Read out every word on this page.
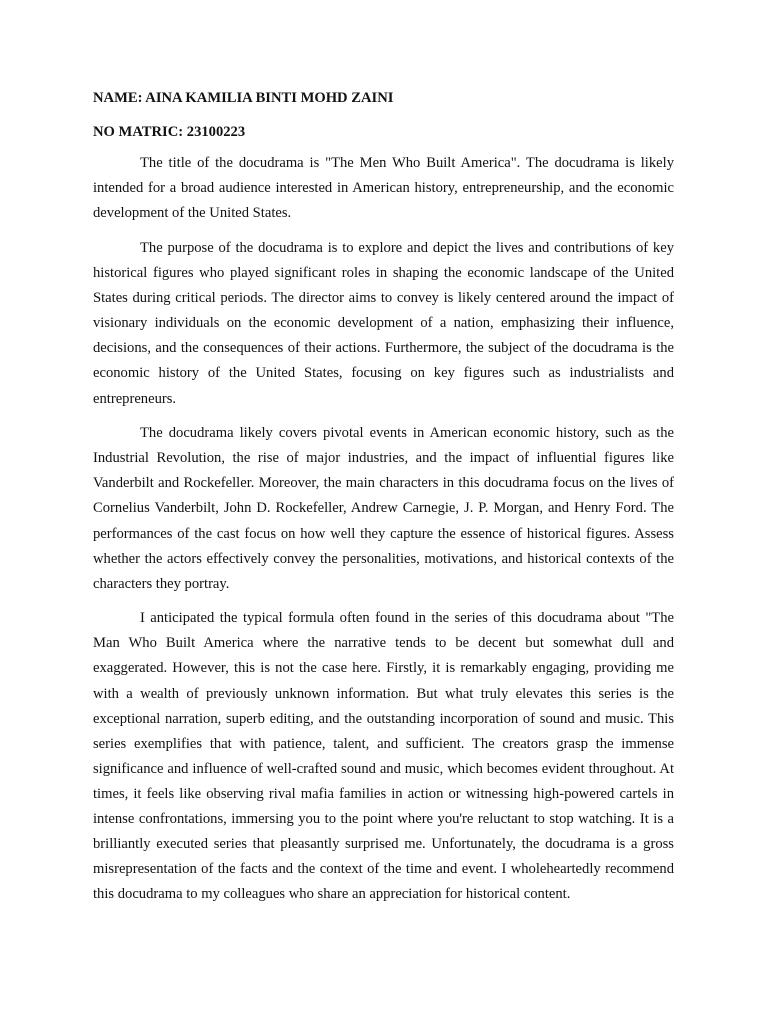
NAME: AINA KAMILIA BINTI MOHD ZAINI

NO MATRIC: 23100223

The title of the docudrama is "The Men Who Built America". The docudrama is likely intended for a broad audience interested in American history, entrepreneurship, and the economic development of the United States.

The purpose of the docudrama is to explore and depict the lives and contributions of key historical figures who played significant roles in shaping the economic landscape of the United States during critical periods. The director aims to convey is likely centered around the impact of visionary individuals on the economic development of a nation, emphasizing their influence, decisions, and the consequences of their actions. Furthermore, the subject of the docudrama is the economic history of the United States, focusing on key figures such as industrialists and entrepreneurs.

The docudrama likely covers pivotal events in American economic history, such as the Industrial Revolution, the rise of major industries, and the impact of influential figures like Vanderbilt and Rockefeller. Moreover, the main characters in this docudrama focus on the lives of Cornelius Vanderbilt, John D. Rockefeller, Andrew Carnegie, J. P. Morgan, and Henry Ford. The performances of the cast focus on how well they capture the essence of historical figures. Assess whether the actors effectively convey the personalities, motivations, and historical contexts of the characters they portray.

I anticipated the typical formula often found in the series of this docudrama about "The Man Who Built America where the narrative tends to be decent but somewhat dull and exaggerated. However, this is not the case here. Firstly, it is remarkably engaging, providing me with a wealth of previously unknown information. But what truly elevates this series is the exceptional narration, superb editing, and the outstanding incorporation of sound and music. This series exemplifies that with patience, talent, and sufficient. The creators grasp the immense significance and influence of well-crafted sound and music, which becomes evident throughout. At times, it feels like observing rival mafia families in action or witnessing high-powered cartels in intense confrontations, immersing you to the point where you're reluctant to stop watching. It is a brilliantly executed series that pleasantly surprised me. Unfortunately, the docudrama is a gross misrepresentation of the facts and the context of the time and event. I wholeheartedly recommend this docudrama to my colleagues who share an appreciation for historical content.
